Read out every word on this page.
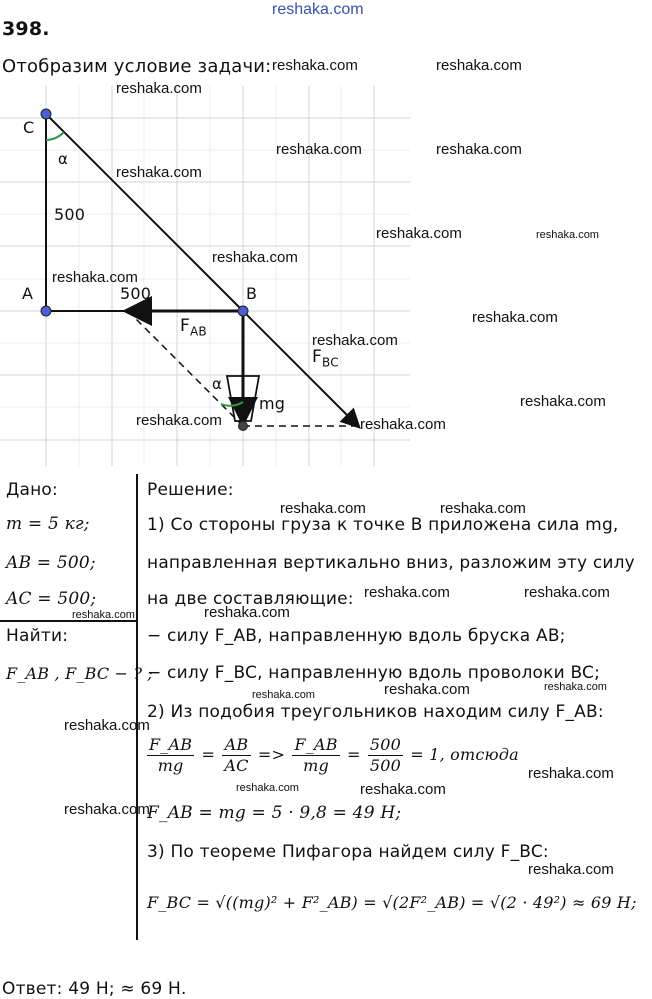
reshaka.com
398.
Отобразим условие задачи:
C
α
500
A	500	B
$F_{AB}$
$F_{BC}$
α
mg
Дано:
m = 5 кг;
AB = 500;
AC = 500;
Найти:
F_AB , F_BC − ? ;
Решение:
1) Со стороны груза к точке B приложена сила mg,
направленная вертикально вниз, разложим эту силу
на две составляющие:
− силу F_AB, направленную вдоль бруска AB;
− силу F_BC, направленную вдоль проволоки BC;
2) Из подобия треугольников находим силу F_AB:
$\frac{F\_AB}{mg} = \frac{AB}{AC} => \frac{F\_AB}{mg} = \frac{500}{500} = 1$, отсюда
F_AB = mg = 5 · 9,8 = 49 Н;
3) По теореме Пифагора найдем силу F_BC:
F_BC = √((mg)² + F²_AB) = √(2F²_AB) = √(2 · 49²) ≈ 69 Н;
Ответ: 49 Н; ≈ 69 Н.
reshaka.com	reshaka.com
reshaka.com
reshaka.com	reshaka.com
reshaka.com
reshaka.com	reshaka.com
reshaka.com
reshaka.com
reshaka.com
reshaka.com
reshaka.com
reshaka.com	reshaka.com
reshaka.com	reshaka.com
reshaka.com	reshaka.com
reshaka.com	reshaka.com
reshaka.com	reshaka.com
reshaka.com
reshaka.com
reshaka.com
reshaka.com	reshaka.com
reshaka.com
reshaka.com
